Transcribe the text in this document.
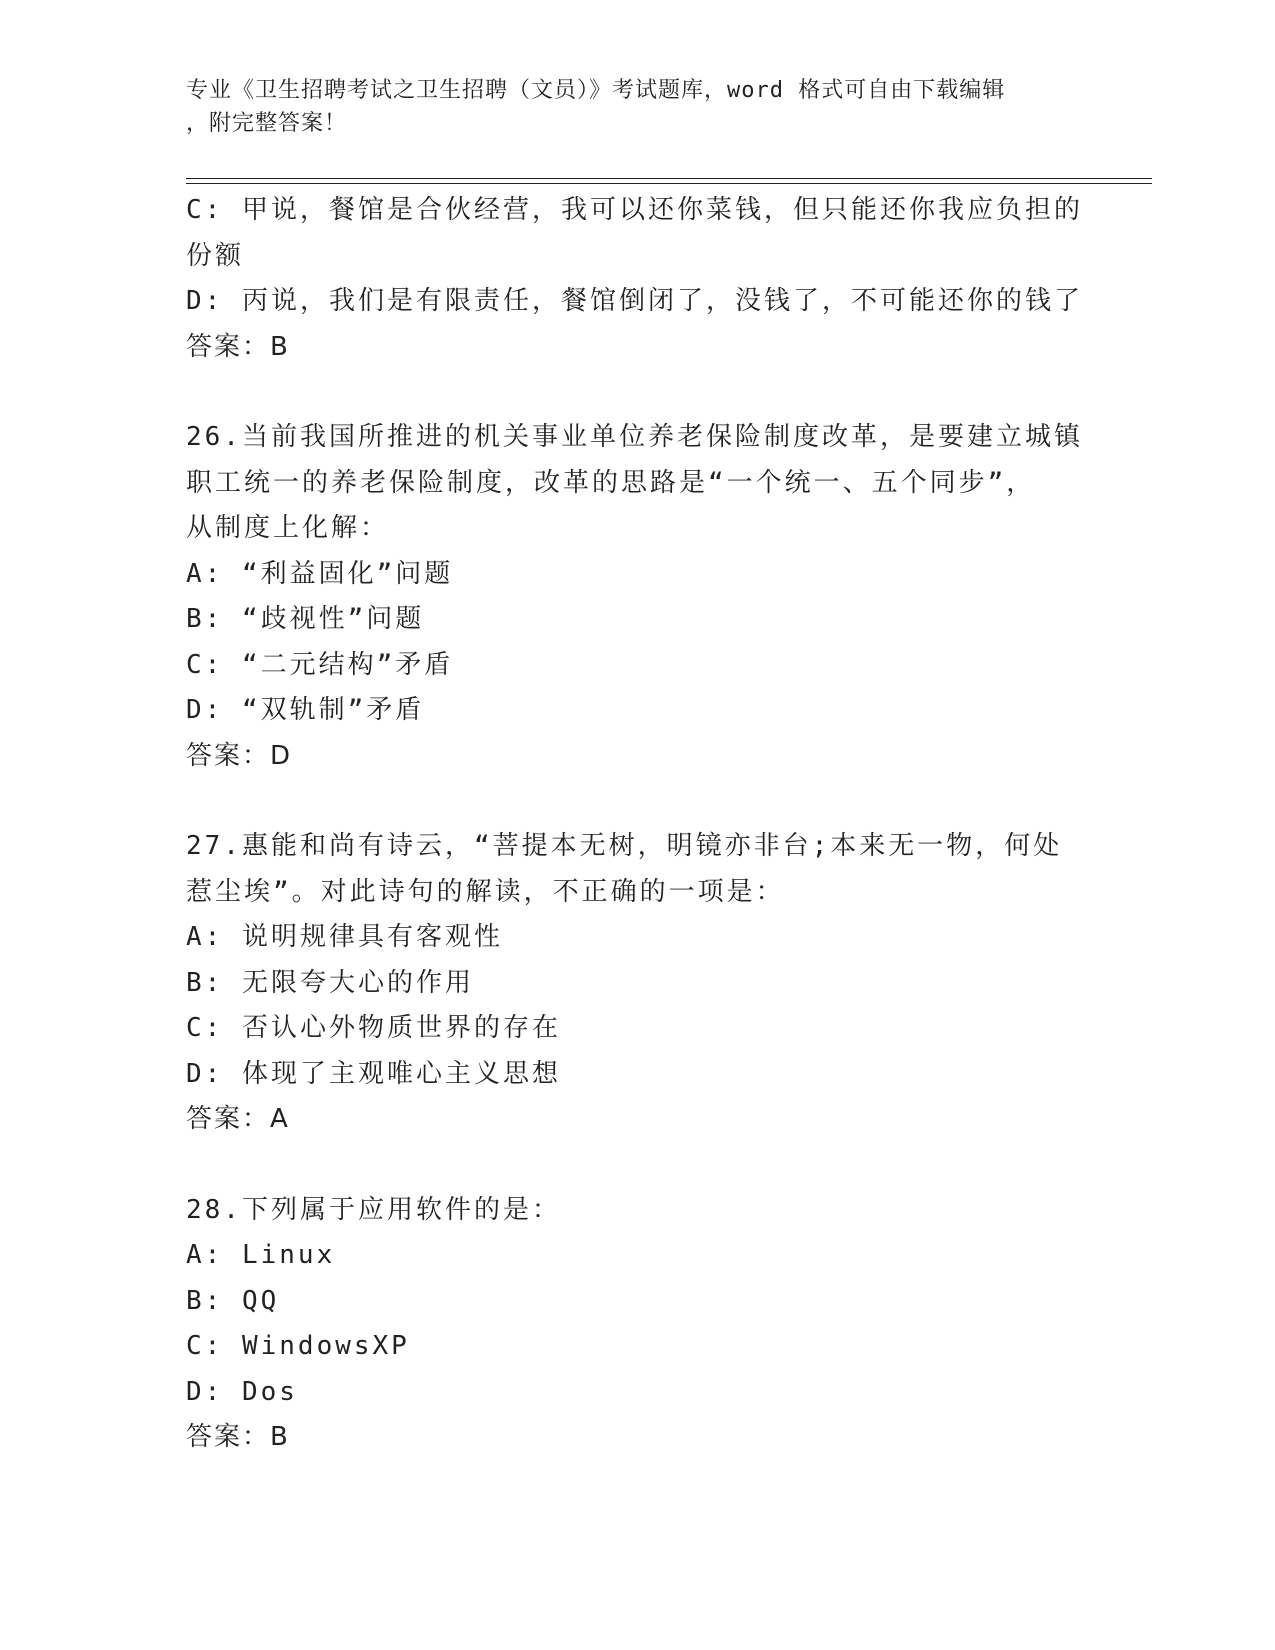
专业《卫生招聘考试之卫生招聘（文员）》考试题库，word 格式可自由下载编辑
，附完整答案！
C: 甲说，餐馆是合伙经营，我可以还你菜钱，但只能还你我应负担的
份额
D: 丙说，我们是有限责任，餐馆倒闭了，没钱了，不可能还你的钱了
答案：B
26.当前我国所推进的机关事业单位养老保险制度改革，是要建立城镇
职工统一的养老保险制度，改革的思路是“一个统一、五个同步”，
从制度上化解：
A: “利益固化”问题
B: “歧视性”问题
C: “二元结构”矛盾
D: “双轨制”矛盾
答案：D
27.惠能和尚有诗云，“菩提本无树，明镜亦非台;本来无一物，何处
惹尘埃”。对此诗句的解读，不正确的一项是：
A: 说明规律具有客观性
B: 无限夸大心的作用
C: 否认心外物质世界的存在
D: 体现了主观唯心主义思想
答案：A
28.下列属于应用软件的是：
A: Linux
B: QQ
C: WindowsXP
D: Dos
答案：B
